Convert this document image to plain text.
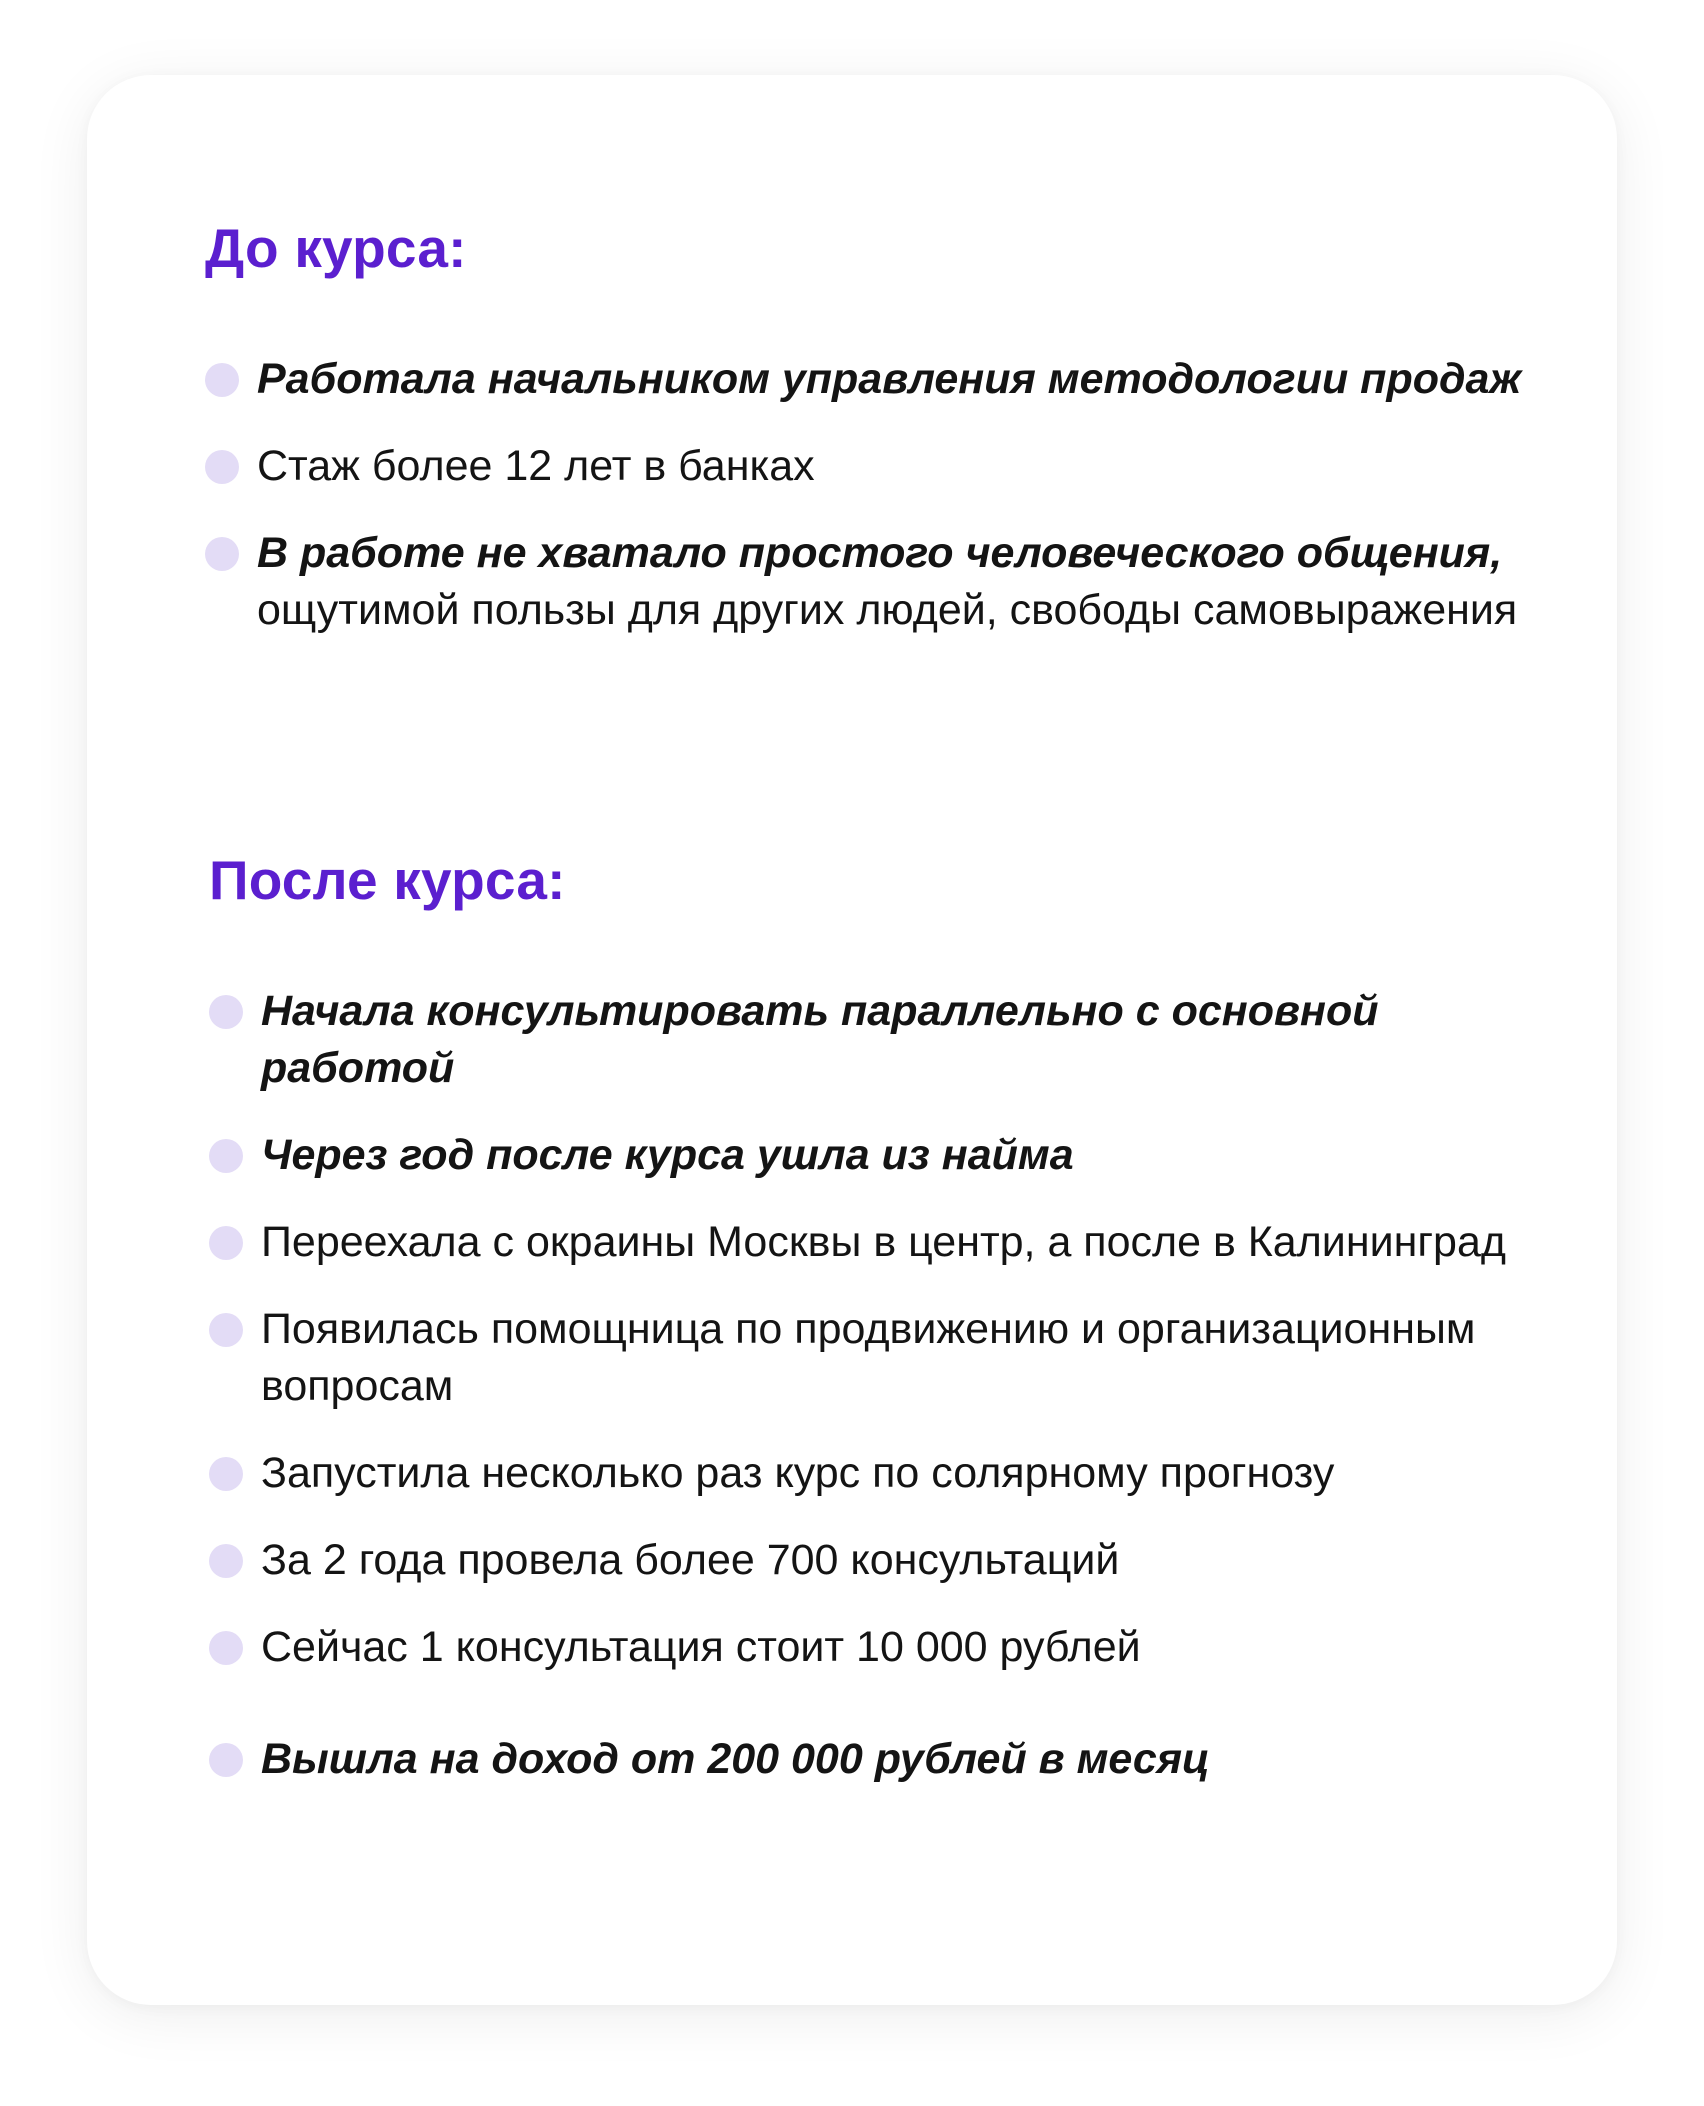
До курса:
Работала начальником управления методологии продаж
Стаж более 12 лет в банках
В работе не хватало простого человеческого общения, ощутимой пользы для других людей, свободы самовыражения
После курса:
Начала консультировать параллельно с основной работой
Через год после курса ушла из найма
Переехала с окраины Москвы в центр, а после в Калининград
Появилась помощница по продвижению и организационным вопросам
Запустила несколько раз курс по солярному прогнозу
За 2 года провела более 700 консультаций
Сейчас 1 консультация стоит 10 000 рублей
Вышла на доход от 200 000 рублей в месяц
